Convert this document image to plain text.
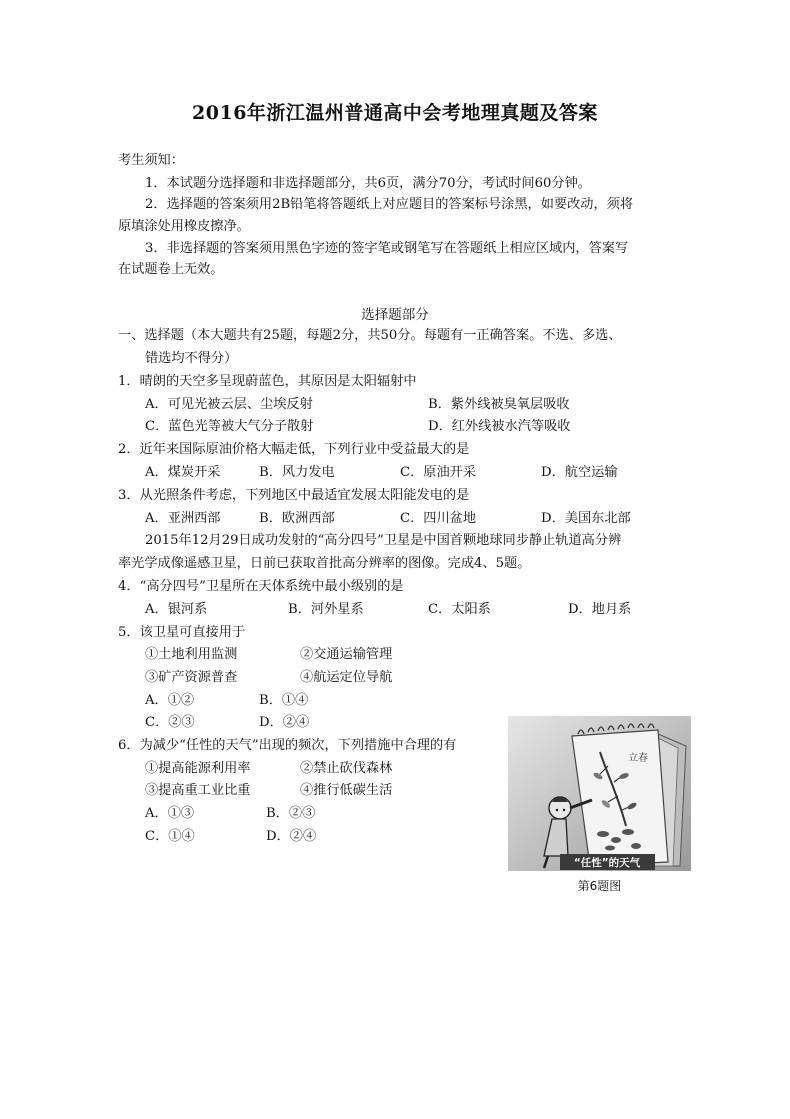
2016年浙江温州普通高中会考地理真题及答案
考生须知：
1．本试题分选择题和非选择题部分，共6页，满分70分，考试时间60分钟。
2．选择题的答案须用2B铅笔将答题纸上对应题目的答案标号涂黑，如要改动，须将
原填涂处用橡皮擦净。
3．非选择题的答案须用黑色字迹的签字笔或钢笔写在答题纸上相应区域内，答案写
在试题卷上无效。
选择题部分
一、选择题（本大题共有25题，每题2分，共50分。每题有一正确答案。不选、多选、
错选均不得分）
1．晴朗的天空多呈现蔚蓝色，其原因是太阳辐射中
A．可见光被云层、尘埃反射	B．紫外线被臭氧层吸收
C．蓝色光等被大气分子散射	D．红外线被水汽等吸收
2．近年来国际原油价格大幅走低，下列行业中受益最大的是
A．煤炭开采	B．风力发电	C．原油开采	D．航空运输
3．从光照条件考虑，下列地区中最适宜发展太阳能发电的是
A．亚洲西部	B．欧洲西部	C．四川盆地	D．美国东北部
2015年12月29日成功发射的“高分四号”卫星是中国首颗地球同步静止轨道高分辨
率光学成像遥感卫星，日前已获取首批高分辨率的图像。完成4、5题。
4．“高分四号”卫星所在天体系统中最小级别的是
A．银河系	B．河外星系	C．太阳系	D．地月系
5．该卫星可直接用于
①土地利用监测	②交通运输管理
③矿产资源普查	④航运定位导航
A．①②	B．①④
C．②③	D．②④
6．为减少“任性的天气”出现的频次，下列措施中合理的有
①提高能源利用率	②禁止砍伐森林
③提高重工业比重	④推行低碳生活
A．①③	B．②③
C．①④	D．②④
立春
“任性”的天气
第6题图
